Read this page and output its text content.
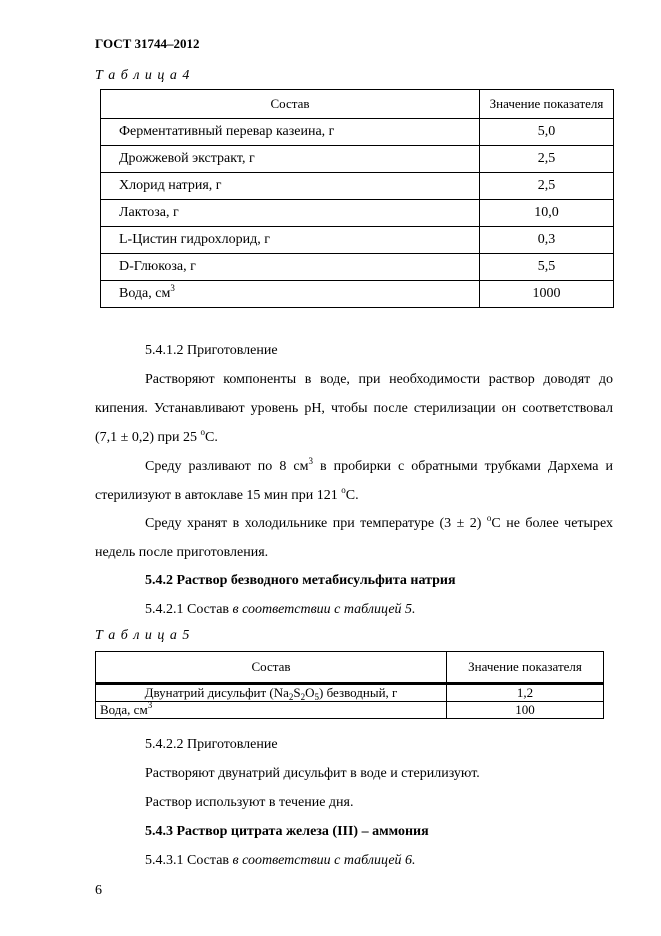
ГОСТ 31744–2012
Т а б л и ц а 4
Состав	Значение показателя
Ферментативный перевар казеина, г	5,0
Дрожжевой экстракт, г	2,5
Хлорид натрия, г	2,5
Лактоза, г	10,0
L-Цистин гидрохлорид, г	0,3
D-Глюкоза, г	5,5
Вода, $см^3$	1000
5.4.1.2 Приготовление
Растворяют компоненты в воде, при необходимости раствор доводят до кипения. Устанавливают уровень рН, чтобы после стерилизации он соответствовал (7,1 ± 0,2) при 25 $^о$С.
Среду разливают по 8 $см^3$ в пробирки с обратными трубками Дархема и стерилизуют в автоклаве 15 мин при 121 $^о$С.
Среду хранят в холодильнике при температуре (3 ± 2) $^о$С не более четырех недель после приготовления.
5.4.2 Раствор безводного метабисульфита натрия
5.4.2.1 Состав в соответствии с таблицей 5.
Т а б л и ц а 5
Состав	Значение показателя
Двунатрий дисульфит $(Na_2S_2O_5)$ безводный, г	1,2
Вода, $см^3$	100
5.4.2.2 Приготовление
Растворяют двунатрий дисульфит в воде и стерилизуют.
Раствор используют в течение дня.
5.4.3 Раствор цитрата железа (III) – аммония
5.4.3.1 Состав в соответствии с таблицей 6.
6
